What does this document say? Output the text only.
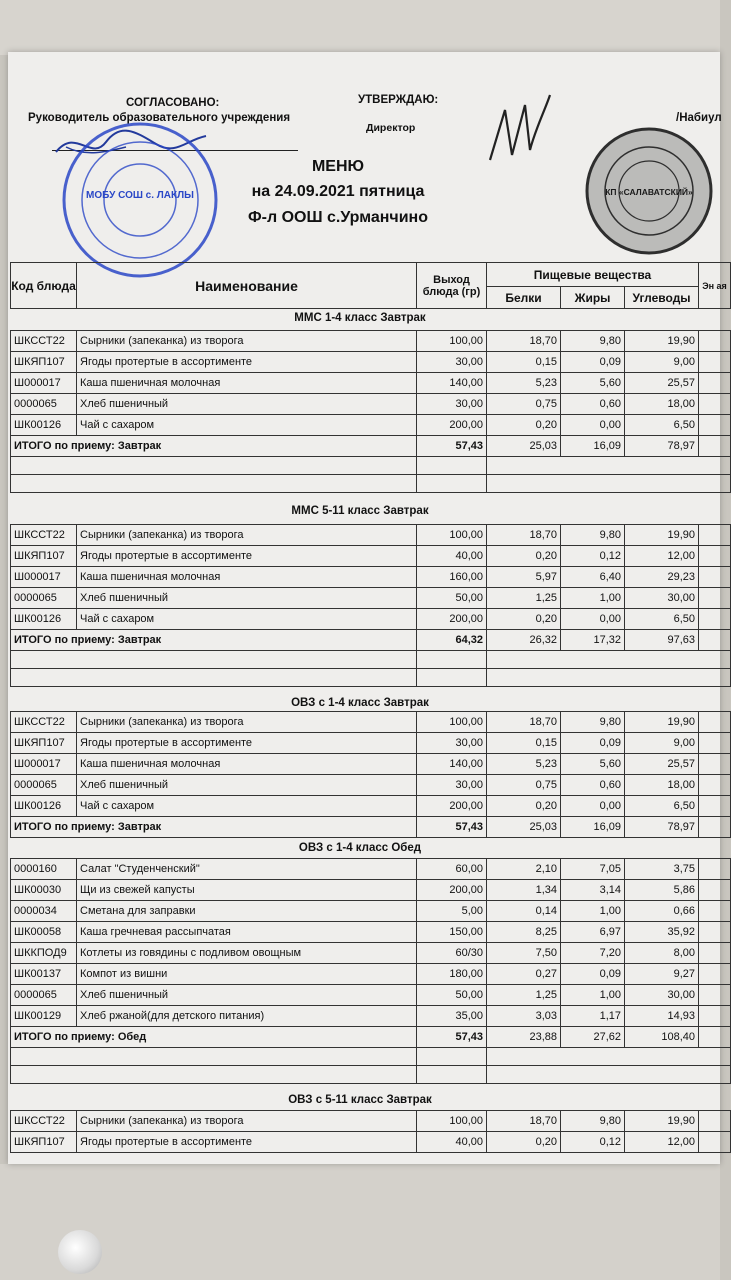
СОГЛАСОВАНО:
Руководитель образовательного учреждения
УТВЕРЖДАЮ:
Директор
/Набиул
МЕНЮ
на 24.09.2021 пятница
Ф-л ООШ с.Урманчино
МОБУ СОШ с. ЛАКЛЫ	КП «САЛАВАТСКИЙ»
Код блюда	Наименование	Выход блюда (гр)	Пищевые вещества			Эн ая
			Белки	Жиры	Углеводы	
ММС 1-4 класс Завтрак
ШКССТ22	Сырники (запеканка) из творога	100,00	18,70	9,80	19,90	
ШКЯП107	Ягоды протертые в ассортименте	30,00	0,15	0,09	9,00	
Ш000017	Каша пшеничная молочная	140,00	5,23	5,60	25,57	
0000065	Хлеб пшеничный	30,00	0,75	0,60	18,00	
ШК00126	Чай с сахаром	200,00	0,20	0,00	6,50	
ИТОГО по приему: Завтрак		57,43	25,03	16,09	78,97	

ММС 5-11 класс Завтрак
ШКССТ22	Сырники (запеканка) из творога	100,00	18,70	9,80	19,90	
ШКЯП107	Ягоды протертые в ассортименте	40,00	0,20	0,12	12,00	
Ш000017	Каша пшеничная молочная	160,00	5,97	6,40	29,23	
0000065	Хлеб пшеничный	50,00	1,25	1,00	30,00	
ШК00126	Чай с сахаром	200,00	0,20	0,00	6,50	
ИТОГО по приему: Завтрак		64,32	26,32	17,32	97,63	

ОВЗ с 1-4 класс Завтрак
ШКССТ22	Сырники (запеканка) из творога	100,00	18,70	9,80	19,90	
ШКЯП107	Ягоды протертые в ассортименте	30,00	0,15	0,09	9,00	
Ш000017	Каша пшеничная молочная	140,00	5,23	5,60	25,57	
0000065	Хлеб пшеничный	30,00	0,75	0,60	18,00	
ШК00126	Чай с сахаром	200,00	0,20	0,00	6,50	
ИТОГО по приему: Завтрак		57,43	25,03	16,09	78,97	
ОВЗ с 1-4 класс Обед
0000160	Салат "Студенченский"	60,00	2,10	7,05	3,75	
ШК00030	Щи из свежей капусты	200,00	1,34	3,14	5,86	
0000034	Сметана для заправки	5,00	0,14	1,00	0,66	
ШК00058	Каша гречневая рассыпчатая	150,00	8,25	6,97	35,92	
ШККПОД9	Котлеты из говядины с подливом овощным	60/30	7,50	7,20	8,00	
ШК00137	Компот из вишни	180,00	0,27	0,09	9,27	
0000065	Хлеб пшеничный	50,00	1,25	1,00	30,00	
ШК00129	Хлеб ржаной(для детского питания)	35,00	3,03	1,17	14,93	
ИТОГО по приему: Обед		57,43	23,88	27,62	108,40	

ОВЗ с 5-11 класс Завтрак
ШКССТ22	Сырники (запеканка) из творога	100,00	18,70	9,80	19,90	
ШКЯП107	Ягоды протертые в ассортименте	40,00	0,20	0,12	12,00	
